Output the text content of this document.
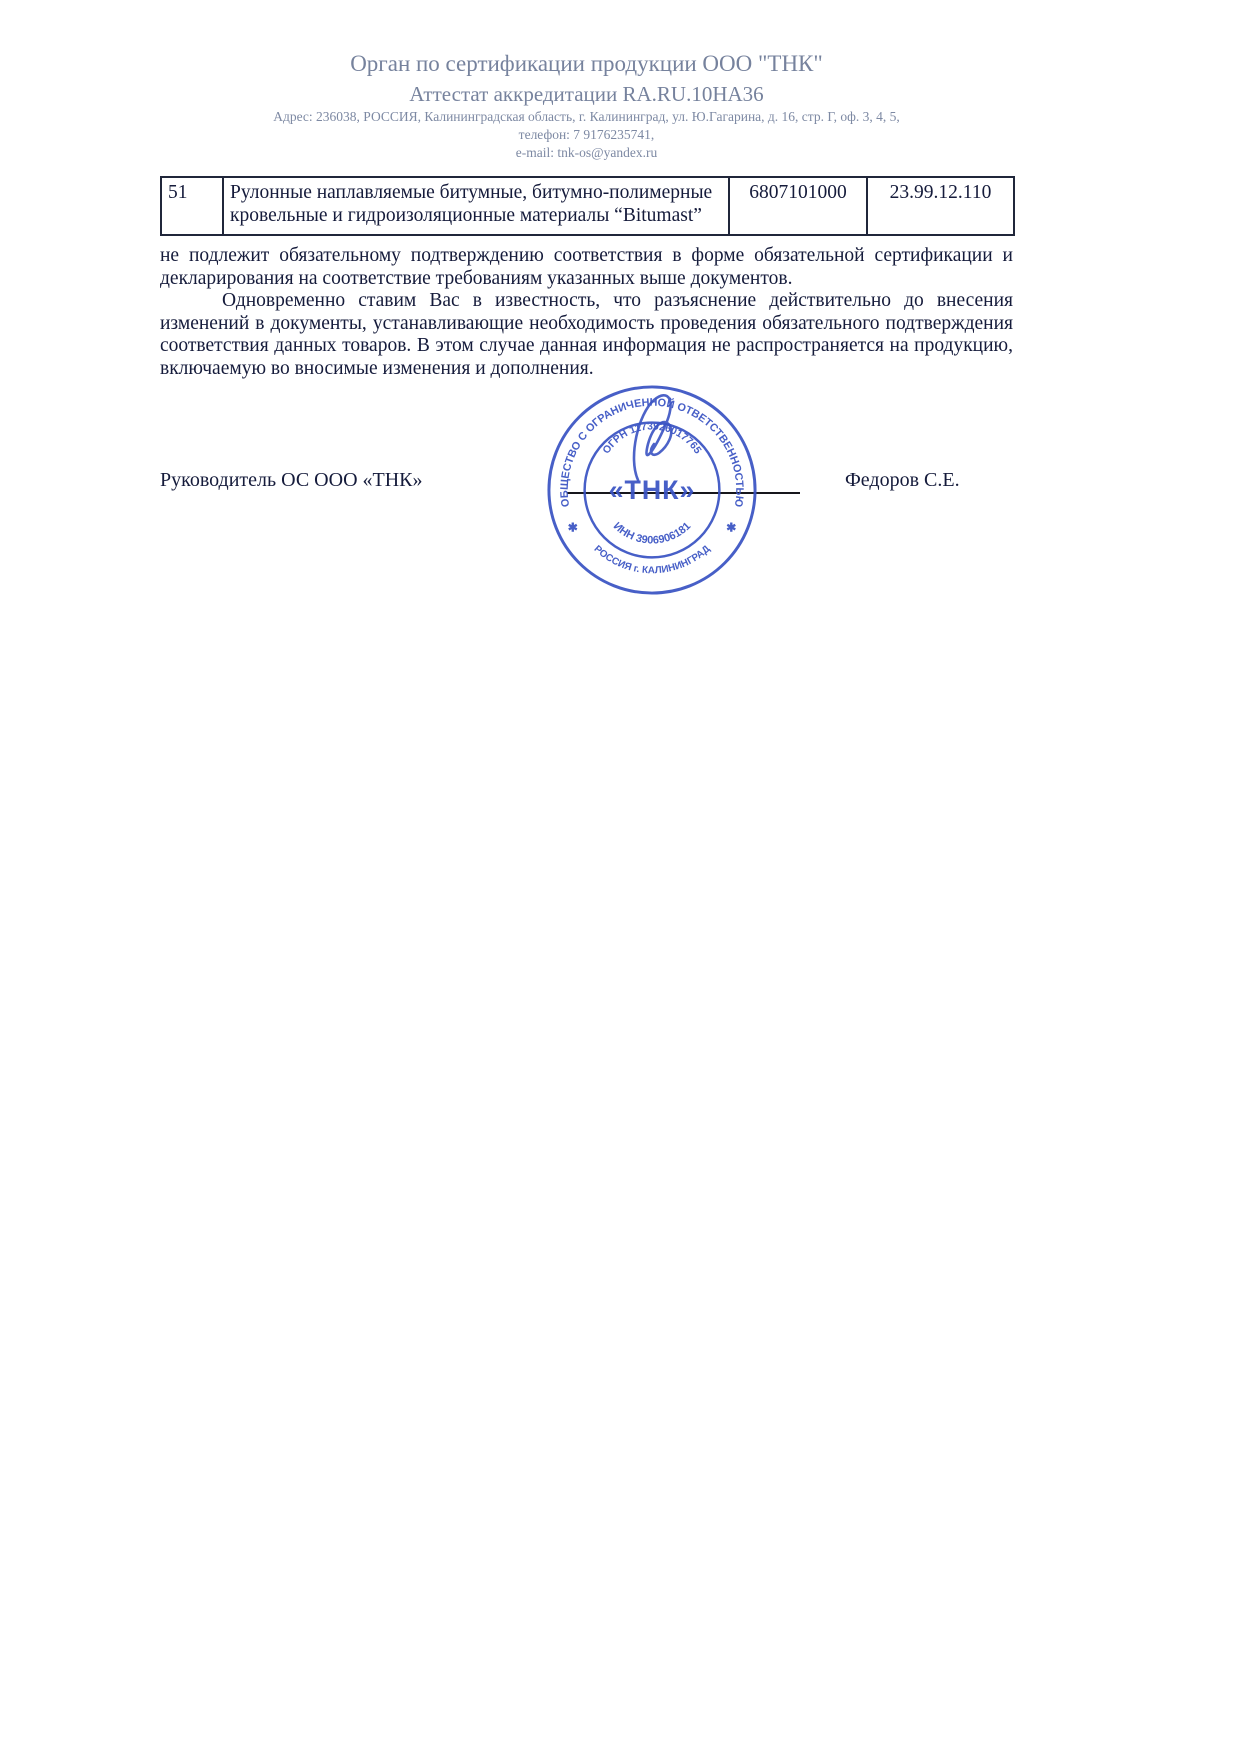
Орган по сертификации продукции ООО "ТНК"
Аттестат аккредитации RA.RU.10НА36
Адрес: 236038, РОССИЯ, Калининградская область, г. Калининград, ул. Ю.Гагарина, д. 16, стр. Г, оф. 3, 4, 5,
телефон: 7 9176235741,
e-mail: tnk-os@yandex.ru
51	Рулонные наплавляемые битумные, битумно-полимерные кровельные и гидроизоляционные материалы “Bitumast”	6807101000	23.99.12.110

не подлежит обязательному подтверждению соответствия в форме обязательной сертификации и декларирования на соответствие требованиям указанных выше документов.

Одновременно ставим Вас в известность, что разъяснение действительно до внесения изменений в документы, устанавливающие необходимость проведения обязательного подтверждения соответствия данных товаров. В этом случае данная информация не распространяется на продукцию, включаемую во вносимые изменения и дополнения.

Руководитель ОС ООО «ТНК»	Федоров С.Е.
ОБЩЕСТВО С ОГРАНИЧЕННОЙ ОТВЕТСТВЕННОСТЬЮ
РОССИЯ г. КАЛИНИНГРАД
ОГРН 1173926017765
ИНН 3906906181
«ТНК»
✱	✱
